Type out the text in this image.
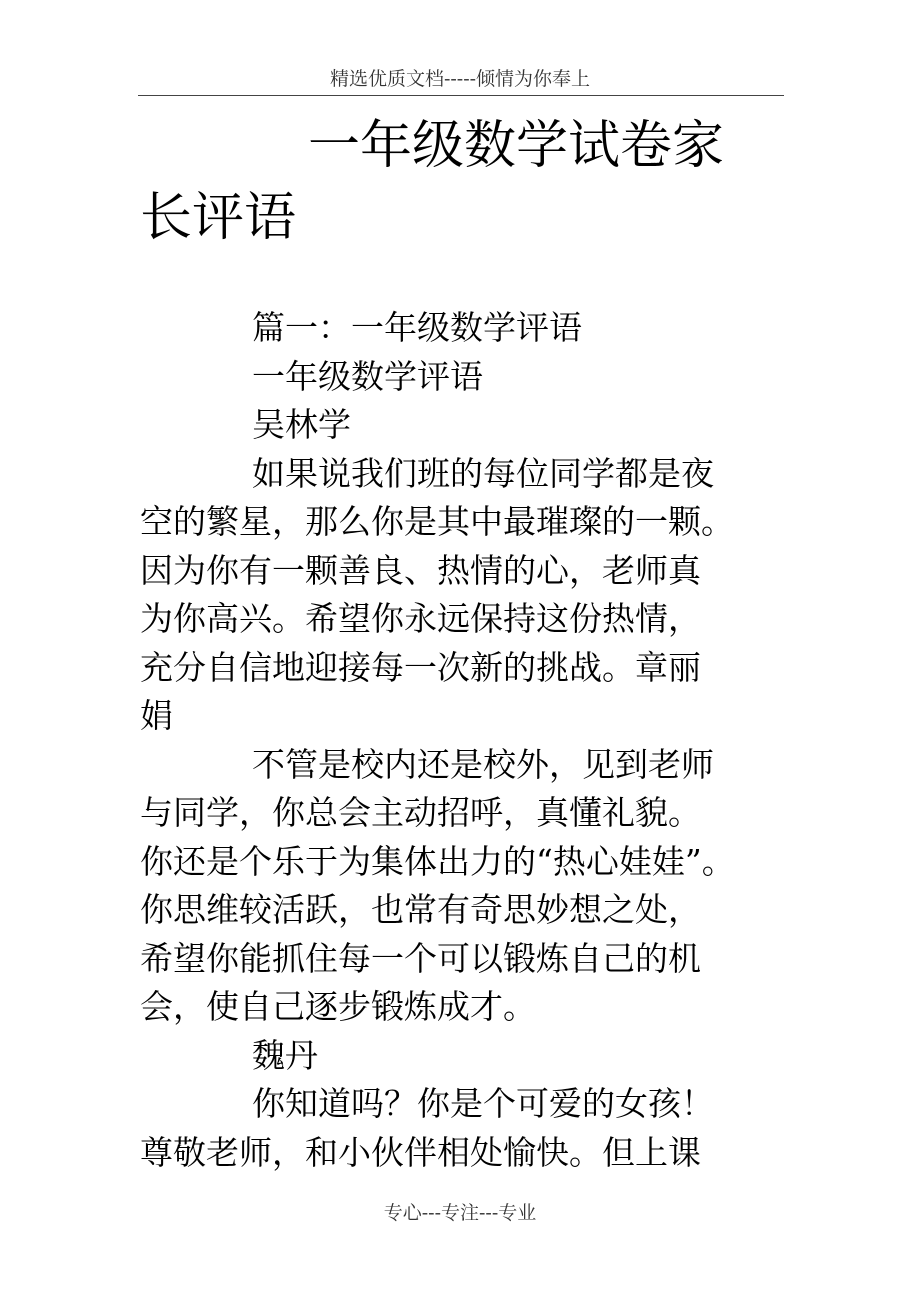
精选优质文档-----倾情为你奉上
一年级数学试卷家
长评语
篇一：一年级数学评语
一年级数学评语
吴林学
如果说我们班的每位同学都是夜
空的繁星，那么你是其中最璀璨的一颗。
因为你有一颗善良、热情的心，老师真
为你高兴。希望你永远保持这份热情，
充分自信地迎接每一次新的挑战。章丽
娟
不管是校内还是校外，见到老师
与同学，你总会主动招呼，真懂礼貌。
你还是个乐于为集体出力的“热心娃娃”。
你思维较活跃，也常有奇思妙想之处，
希望你能抓住每一个可以锻炼自己的机
会，使自己逐步锻炼成才。
魏丹
你知道吗？你是个可爱的女孩！
尊敬老师，和小伙伴相处愉快。但上课
专心---专注---专业
